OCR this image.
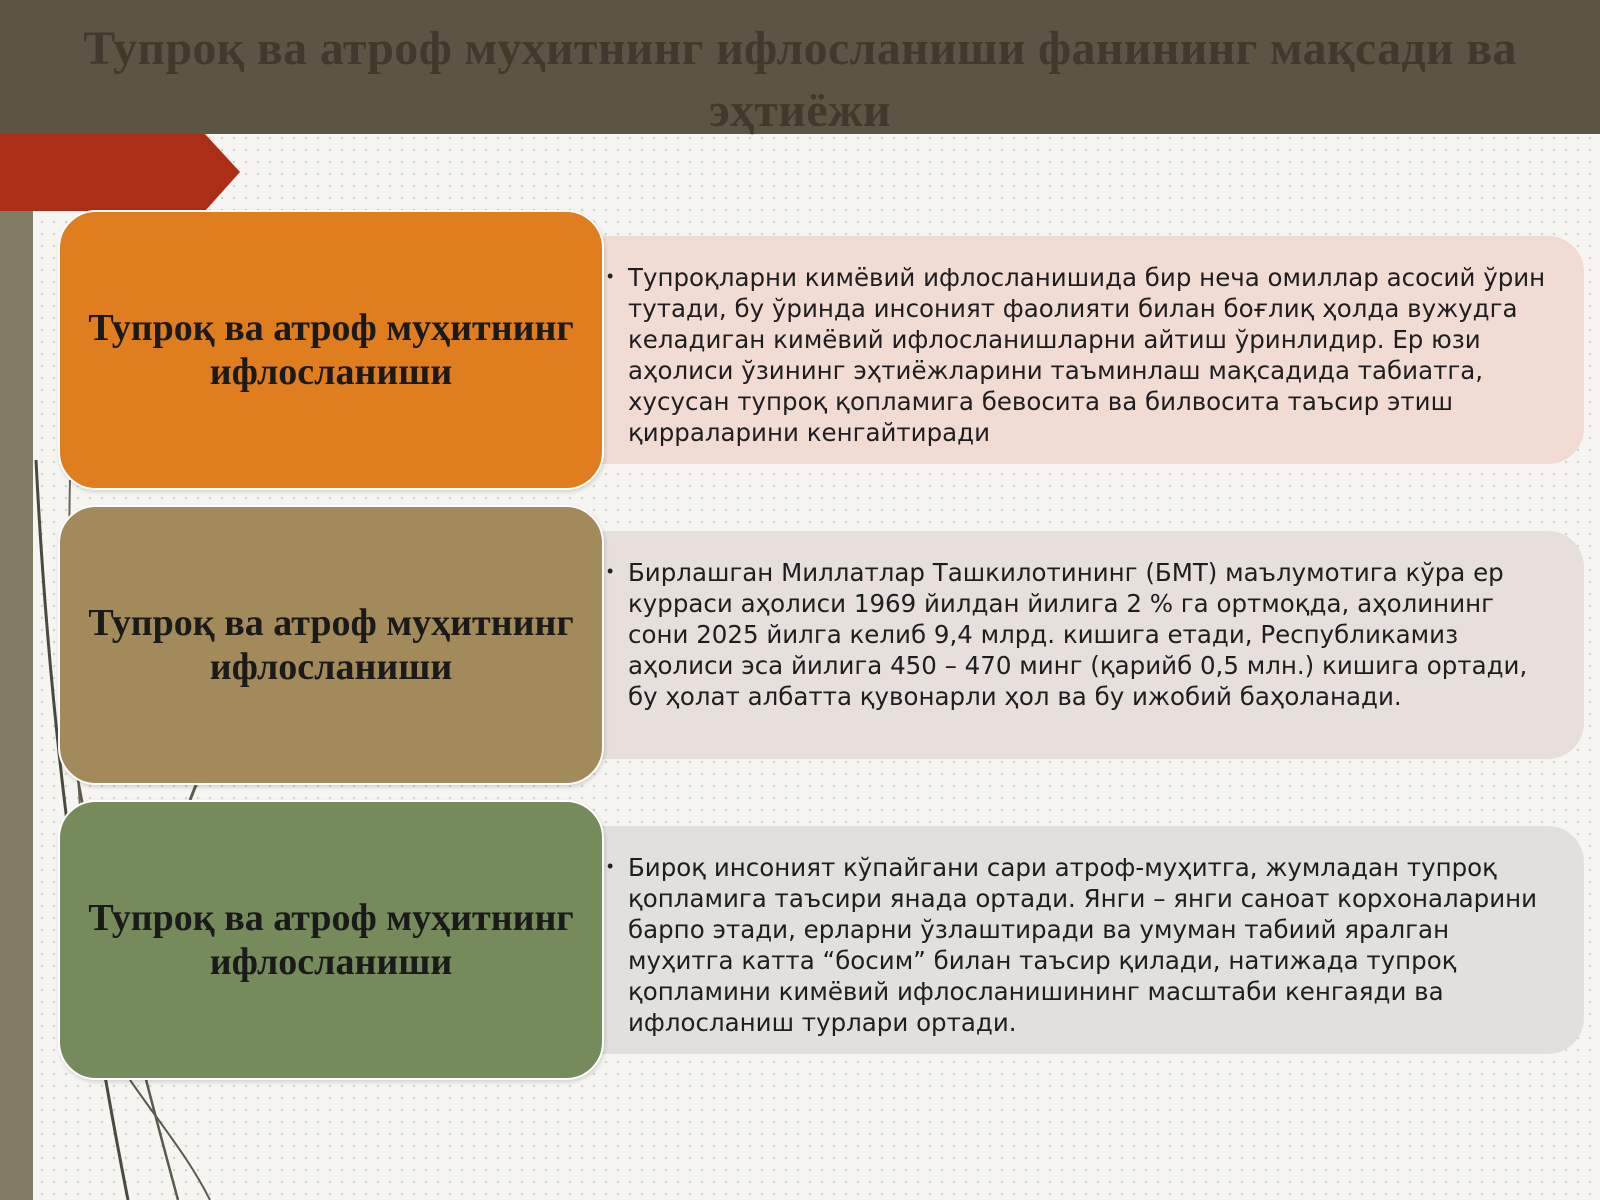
Тупроқ ва атроф муҳитнинг ифлосланиши фанининг мақсади ва эҳтиёжи
Тупроқ ва атроф муҳитнинг ифлосланиши
• Тупроқларни кимёвий ифлосланишида бир неча омиллар асосий ўрин тутади, бу ўринда инсоният фаолияти билан боғлиқ ҳолда вужудга келадиган кимёвий ифлосланишларни айтиш ўринлидир. Ер юзи аҳолиси ўзининг эҳтиёжларини таъминлаш мақсадида табиатга, хусусан тупроқ қопламига бевосита ва билвосита таъсир этиш қирраларини кенгайтиради

Тупроқ ва атроф муҳитнинг ифлосланиши
• Бирлашган Миллатлар Ташкилотининг (БМТ) маълумотига кўра ер курраси аҳолиси 1969 йилдан йилига 2 % га ортмоқда, аҳолининг сони 2025 йилга келиб 9,4 млрд. кишига етади, Республикамиз аҳолиси эса йилига 450 – 470 минг (қарийб 0,5 млн.) кишига ортади, бу ҳолат албатта қувонарли ҳол ва бу ижобий баҳоланади.

Тупроқ ва атроф муҳитнинг ифлосланиши
• Бироқ инсоният кўпайгани сари атроф-муҳитга, жумладан тупроқ қопламига таъсири янада ортади. Янги – янги саноат корхоналарини барпо этади, ерларни ўзлаштиради ва умуман табиий яралган муҳитга катта “босим” билан таъсир қилади, натижада тупроқ қопламини кимёвий ифлосланишининг масштаби кенгаяди ва ифлосланиш турлари ортади.
